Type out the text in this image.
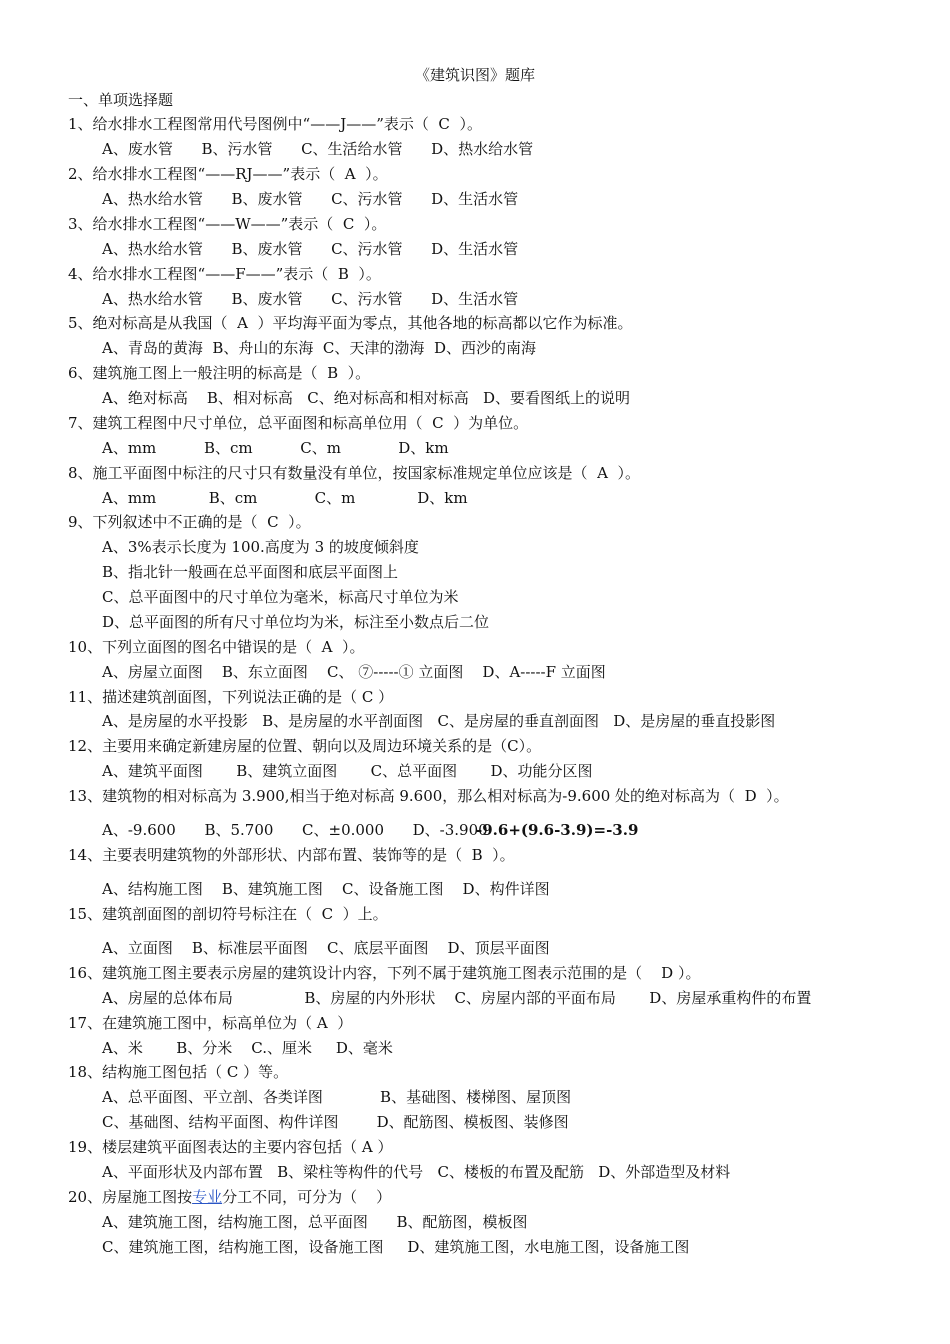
《建筑识图》题库
一、单项选择题
1、给水排水工程图常用代号图例中“——J——”表示（  C  ）。
A、废水管      B、污水管      C、生活给水管      D、热水给水管
2、给水排水工程图“——RJ——”表示（  A  ）。
A、热水给水管      B、废水管      C、污水管      D、生活水管
3、给水排水工程图“——W——”表示（  C  ）。
A、热水给水管      B、废水管      C、污水管      D、生活水管
4、给水排水工程图“——F——”表示（  B  ）。
A、热水给水管      B、废水管      C、污水管      D、生活水管
5、绝对标高是从我国（  A  ）平均海平面为零点，其他各地的标高都以它作为标准。
A、青岛的黄海  B、舟山的东海  C、天津的渤海  D、西沙的南海
6、建筑施工图上一般注明的标高是（  B  ）。
A、绝对标高    B、相对标高   C、绝对标高和相对标高   D、要看图纸上的说明
7、建筑工程图中尺寸单位，总平面图和标高单位用（  C  ）为单位。
A、mm          B、cm          C、m            D、km
8、施工平面图中标注的尺寸只有数量没有单位，按国家标准规定单位应该是（  A  ）。
A、mm           B、cm            C、m             D、km
9、下列叙述中不正确的是（  C  ）。
A、3%表示长度为 100.高度为 3 的坡度倾斜度
B、指北针一般画在总平面图和底层平面图上
C、总平面图中的尺寸单位为毫米，标高尺寸单位为米
D、总平面图的所有尺寸单位均为米，标注至小数点后二位
10、下列立面图的图名中错误的是（  A  ）。
A、房屋立面图    B、东立面图    C、 ⑦-----① 立面图    D、A-----F 立面图
11、描述建筑剖面图，下列说法正确的是（ C ）
A、是房屋的水平投影   B、是房屋的水平剖面图   C、是房屋的垂直剖面图   D、是房屋的垂直投影图
12、主要用来确定新建房屋的位置、朝向以及周边环境关系的是（C）。
A、建筑平面图       B、建筑立面图       C、总平面图       D、功能分区图
13、建筑物的相对标高为 3.900,相当于绝对标高 9.600，那么相对标高为-9.600 处的绝对标高为（  D  ）。
A、-9.600      B、5.700      C、±0.000      D、-3.900
-9.6+(9.6-3.9)=-3.9
14、主要表明建筑物的外部形状、内部布置、装饰等的是（  B  ）。
A、结构施工图    B、建筑施工图    C、设备施工图    D、构件详图
15、建筑剖面图的剖切符号标注在（  C  ）上。
A、立面图    B、标准层平面图    C、底层平面图    D、顶层平面图
16、建筑施工图主要表示房屋的建筑设计内容，下列不属于建筑施工图表示范围的是（    D ）。
A、房屋的总体布局               B、房屋的内外形状    C、房屋内部的平面布局       D、房屋承重构件的布置
17、在建筑施工图中，标高单位为（ A  ）
A、米       B、分米    C.、厘米     D、毫米
18、结构施工图包括（ C ）等。
A、总平面图、平立剖、各类详图            B、基础图、楼梯图、屋顶图
C、基础图、结构平面图、构件详图        D、配筋图、模板图、装修图
19、楼层建筑平面图表达的主要内容包括（ A ）
A、平面形状及内部布置   B、梁柱等构件的代号   C、楼板的布置及配筋   D、外部造型及材料
20、房屋施工图按专业分工不同，可分为（    ）
A、建筑施工图，结构施工图，总平面图      B、配筋图，模板图
C、建筑施工图，结构施工图，设备施工图     D、建筑施工图，水电施工图，设备施工图
